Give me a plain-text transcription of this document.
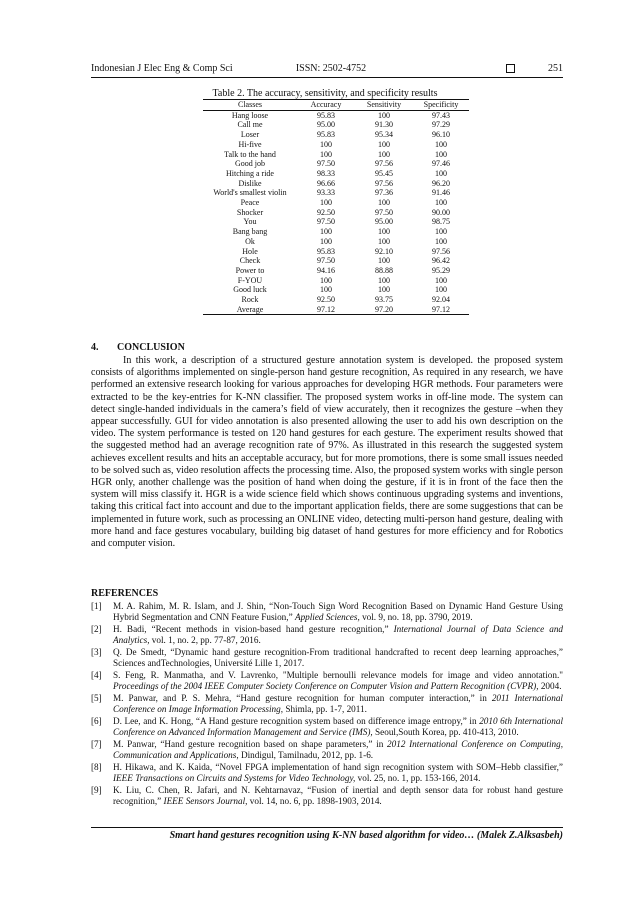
Indonesian J Elec Eng & Comp Sci	ISSN: 2502-4752	251
Table 2. The accuracy, sensitivity, and specificity results
Classes	Accuracy	Sensitivity	Specificity
Hang loose	95.83	100	97.43
Call me	95.00	91.30	97.29
Loser	95.83	95.34	96.10
Hi-five	100	100	100
Talk to the hand	100	100	100
Good job	97.50	97.56	97.46
Hitching a ride	98.33	95.45	100
Dislike	96.66	97.56	96.20
World's smallest violin	93.33	97.36	91.46
Peace	100	100	100
Shocker	92.50	97.50	90.00
You	97.50	95.00	98.75
Bang bang	100	100	100
Ok	100	100	100
Hole	95.83	92.10	97.56
Check	97.50	100	96.42
Power to	94.16	88.88	95.29
F-YOU	100	100	100
Good luck	100	100	100
Rock	92.50	93.75	92.04
Average	97.12	97.20	97.12
4. CONCLUSION
In this work, a description of a structured gesture annotation system is developed. the proposed system consists of algorithms implemented on single-person hand gesture recognition, As required in any research, we have performed an extensive research looking for various approaches for developing HGR methods. Four parameters were extracted to be the key-entries for K-NN classifier. The proposed system works in off-line mode. The system can detect single-handed individuals in the camera’s field of view accurately, then it recognizes the gesture –when they appear successfully. GUI for video annotation is also presented allowing the user to add his own description on the video. The system performance is tested on 120 hand gestures for each gesture. The experiment results showed that the suggested method had an average recognition rate of 97%. As illustrated in this research the suggested system achieves excellent results and hits an acceptable accuracy, but for more promotions, there is some small issues needed to be solved such as, video resolution affects the processing time. Also, the proposed system works with single person HGR only, another challenge was the position of hand when doing the gesture, if it is in front of the face then the system will miss classify it. HGR is a wide science field which shows continuous upgrading systems and inventions, taking this critical fact into account and due to the important application fields, there are some suggestions that can be implemented in future work, such as processing an ONLINE video, detecting multi-person hand gesture, dealing with more hand and face gestures vocabulary, building big dataset of hand gestures for more efficiency and for Robotics and computer vision.
REFERENCES
[1] M. A. Rahim, M. R. Islam, and J. Shin, “Non-Touch Sign Word Recognition Based on Dynamic Hand Gesture Using Hybrid Segmentation and CNN Feature Fusion,” Applied Sciences, vol. 9, no. 18, pp. 3790, 2019.
[2] H. Badi, “Recent methods in vision-based hand gesture recognition,” International Journal of Data Science and Analytics, vol. 1, no. 2, pp. 77-87, 2016.
[3] Q. De Smedt, “Dynamic hand gesture recognition-From traditional handcrafted to recent deep learning approaches,” Sciences andTechnologies, Université Lille 1, 2017.
[4] S. Feng, R. Manmatha, and V. Lavrenko, "Multiple bernoulli relevance models for image and video annotation." Proceedings of the 2004 IEEE Computer Society Conference on Computer Vision and Pattern Recognition (CVPR), 2004.
[5] M. Panwar, and P. S. Mehra, “Hand gesture recognition for human computer interaction,” in 2011 International Conference on Image Information Processing, Shimla, pp. 1-7, 2011.
[6] D. Lee, and K. Hong, “A Hand gesture recognition system based on difference image entropy,” in 2010 6th International Conference on Advanced Information Management and Service (IMS), Seoul,South Korea, pp. 410-413, 2010.
[7] M. Panwar, “Hand gesture recognition based on shape parameters,” in 2012 International Conference on Computing, Communication and Applications, Dindigul, Tamilnadu, 2012, pp. 1-6.
[8] H. Hikawa, and K. Kaida, “Novel FPGA implementation of hand sign recognition system with SOM–Hebb classifier,” IEEE Transactions on Circuits and Systems for Video Technology, vol. 25, no. 1, pp. 153-166, 2014.
[9] K. Liu, C. Chen, R. Jafari, and N. Kehtarnavaz, “Fusion of inertial and depth sensor data for robust hand gesture recognition,” IEEE Sensors Journal, vol. 14, no. 6, pp. 1898-1903, 2014.
Smart hand gestures recognition using K-NN based algorithm for video… (Malek Z.Alksasbeh)
